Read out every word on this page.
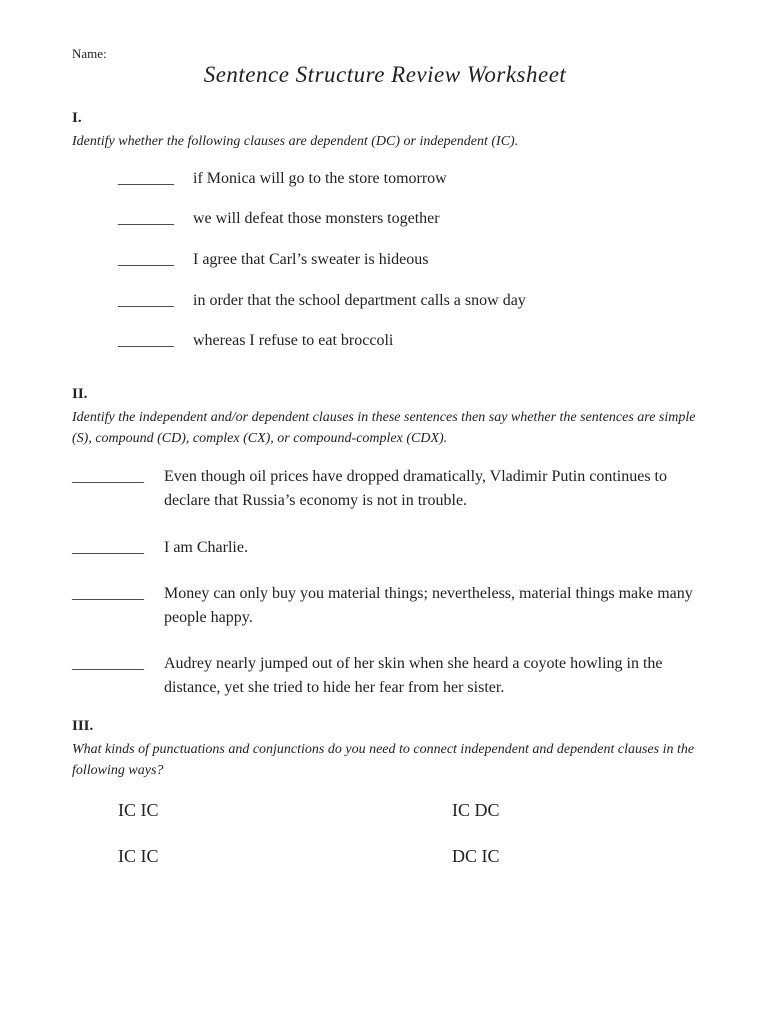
Name:
Sentence Structure Review Worksheet
I.
Identify whether the following clauses are dependent (DC) or independent (IC).
_______ if Monica will go to the store tomorrow
_______ we will defeat those monsters together
_______ I agree that Carl’s sweater is hideous
_______ in order that the school department calls a snow day
_______ whereas I refuse to eat broccoli
II.
Identify the independent and/or dependent clauses in these sentences then say whether the sentences are simple (S), compound (CD), complex (CX), or compound-complex (CDX).
_________ Even though oil prices have dropped dramatically, Vladimir Putin continues to declare that Russia’s economy is not in trouble.
_________ I am Charlie.
_________ Money can only buy you material things; nevertheless, material things make many people happy.
_________ Audrey nearly jumped out of her skin when she heard a coyote howling in the distance, yet she tried to hide her fear from her sister.
III.
What kinds of punctuations and conjunctions do you need to connect independent and dependent clauses in the following ways?
IC IC	IC DC
IC IC	DC IC
